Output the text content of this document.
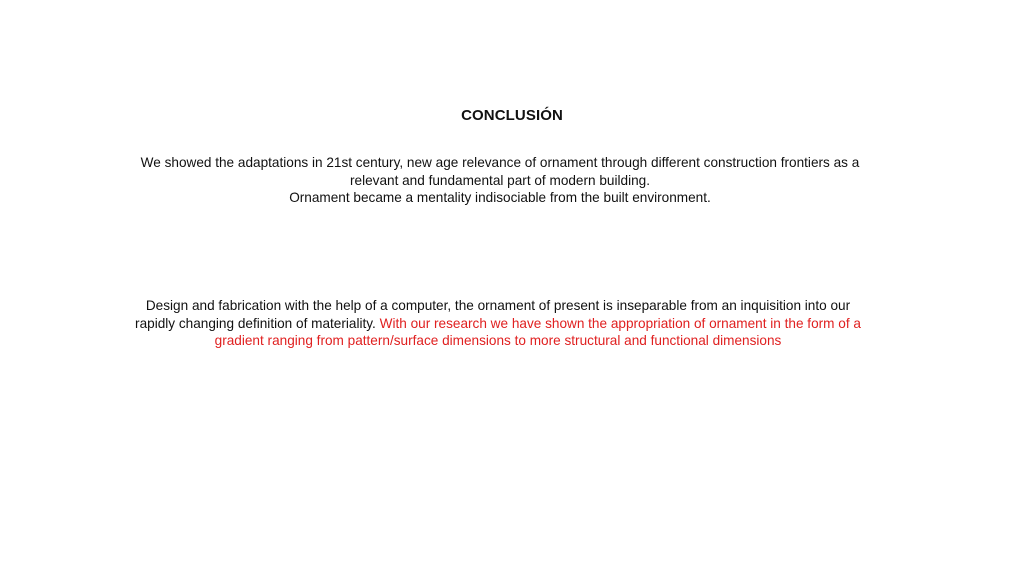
CONCLUSIÓN
We showed the adaptations in 21st century, new age relevance of ornament through different construction frontiers as a
relevant and fundamental part of modern building.
Ornament became a mentality indisociable from the built environment.
Design and fabrication with the help of a computer, the ornament of present is inseparable from an inquisition into our
rapidly changing definition of materiality. With our research we have shown the appropriation of ornament in the form of a
gradient ranging from pattern/surface dimensions to more structural and functional dimensions
